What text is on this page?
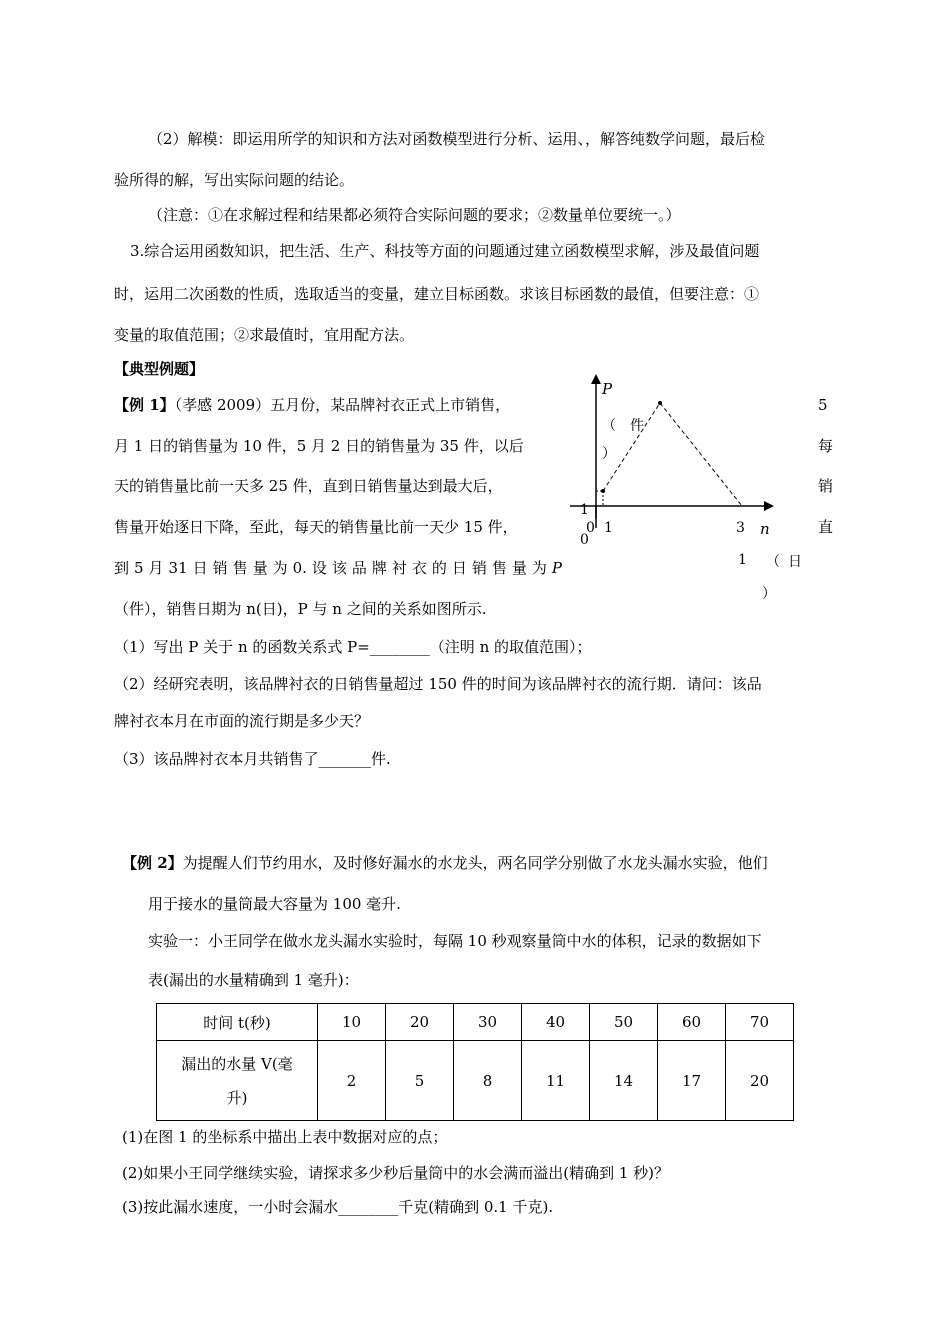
（2）解模：即运用所学的知识和方法对函数模型进行分析、运用、，解答纯数学问题，最后检
验所得的解，写出实际问题的结论。
（注意：①在求解过程和结果都必须符合实际问题的要求；②数量单位要统一。）
3.综合运用函数知识，把生活、生产、科技等方面的问题通过建立函数模型求解，涉及最值问题
时，运用二次函数的性质，选取适当的变量，建立目标函数。求该目标函数的最值，但要注意：①
变量的取值范围；②求最值时，宜用配方法。
【典型例题】
【例 1】（孝感 2009）五月份，某品牌衬衣正式上市销售，	5
月 1 日的销售量为 10 件，5 月 2 日的销售量为 35 件，以后	每
天的销售量比前一天多 25 件，直到日销售量达到最大后，	销
售量开始逐日下降，至此，每天的销售量比前一天少 15 件，	直
到 5 月 31 日 销 售 量 为 0. 设 该 品 牌 衬 衣 的 日 销 售 量 为 P
（件），销售日期为 n(日)，P 与 n 之间的关系如图所示.
（1）写出 P 关于 n 的函数关系式 P=________（注明 n 的取值范围）；
（2）经研究表明，该品牌衬衣的日销售量超过 150 件的时间为该品牌衬衣的流行期．请问：该品
牌衬衣本月在市面的流行期是多少天？
（3）该品牌衬衣本月共销售了_______件.
P
（ 件
）
1
0
0 1	3
1
n
（ 日
）
【例 2】为提醒人们节约用水，及时修好漏水的水龙头，两名同学分别做了水龙头漏水实验，他们
用于接水的量筒最大容量为 100 毫升.
实验一：小王同学在做水龙头漏水实验时，每隔 10 秒观察量筒中水的体积，记录的数据如下
表(漏出的水量精确到 1 毫升)：
时间 t(秒)	10	20	30	40	50	60	70
漏出的水量 V(毫升)	2	5	8	11	14	17	20
(1)在图 1 的坐标系中描出上表中数据对应的点；
(2)如果小王同学继续实验，请探求多少秒后量筒中的水会满而溢出(精确到 1 秒)？
(3)按此漏水速度，一小时会漏水________千克(精确到 0.1 千克).
